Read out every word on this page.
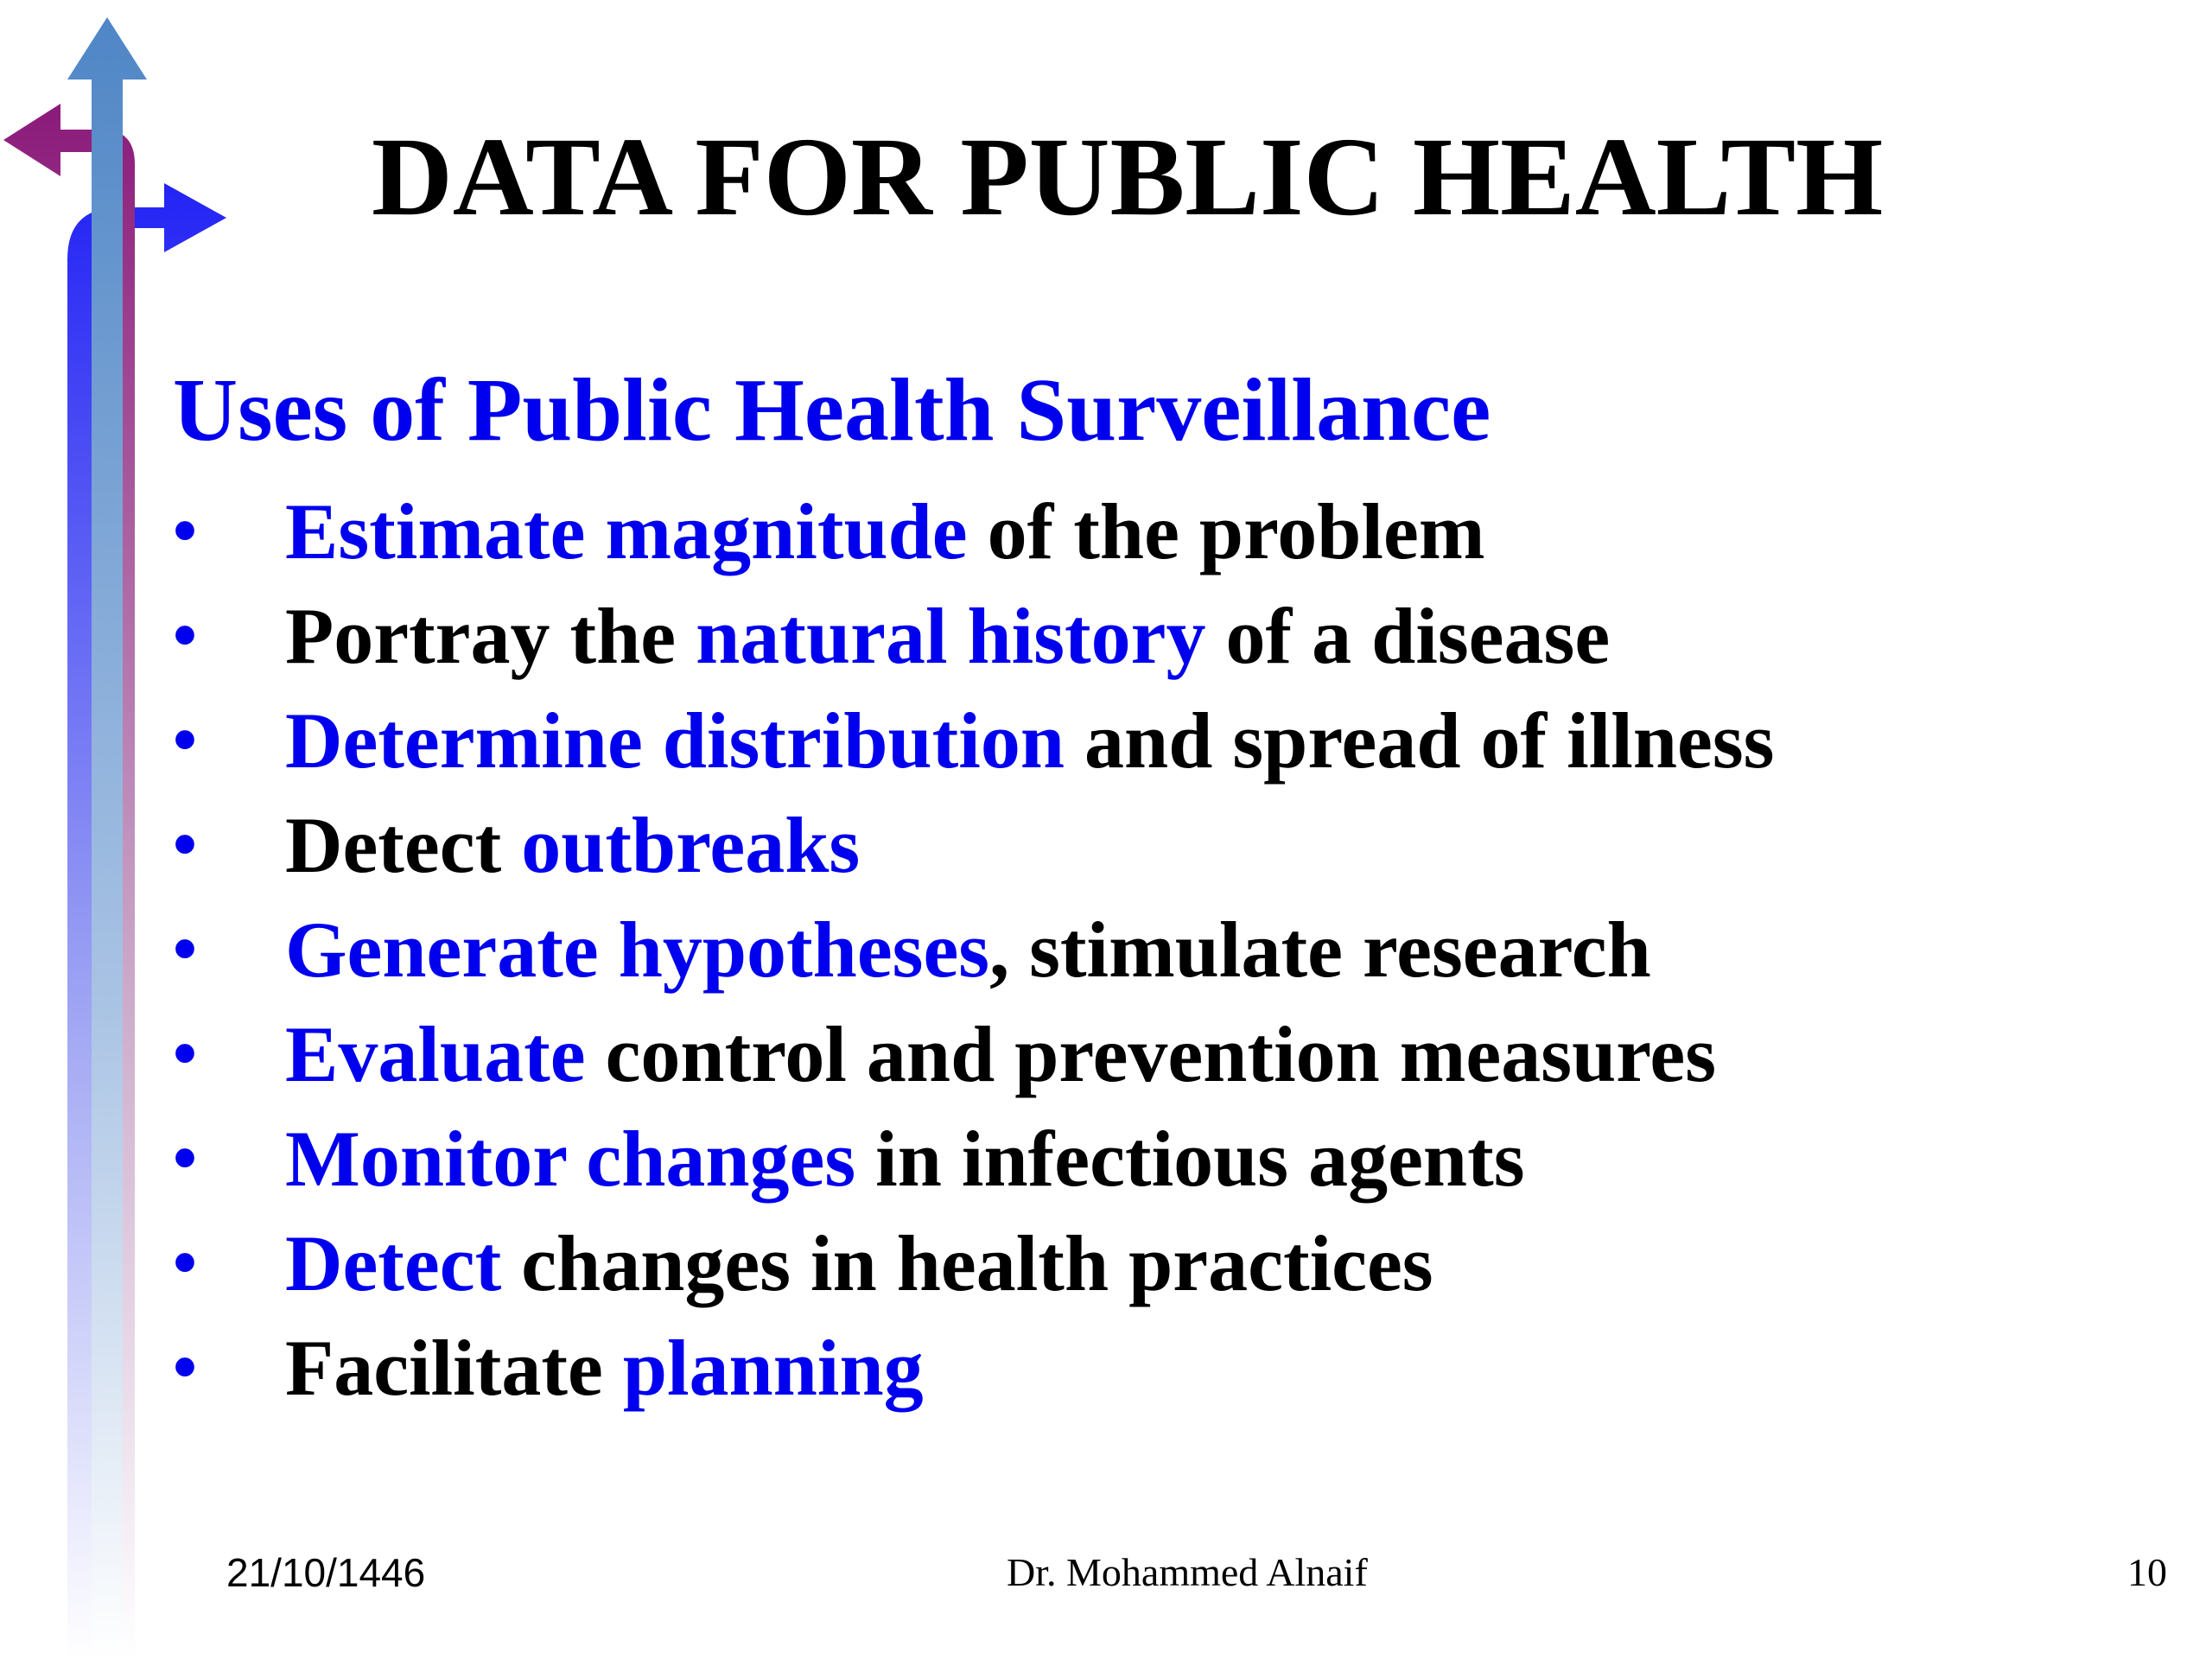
DATA FOR PUBLIC HEALTH
Uses of Public Health Surveillance
•	Estimate magnitude of the problem
•	Portray the natural history of a disease
•	Determine distribution and spread of illness
•	Detect outbreaks
•	Generate hypotheses, stimulate research
•	Evaluate control and prevention measures
•	Monitor changes in infectious agents
•	Detect changes in health practices
•	Facilitate planning
21/10/1446	Dr. Mohammed Alnaif	10
